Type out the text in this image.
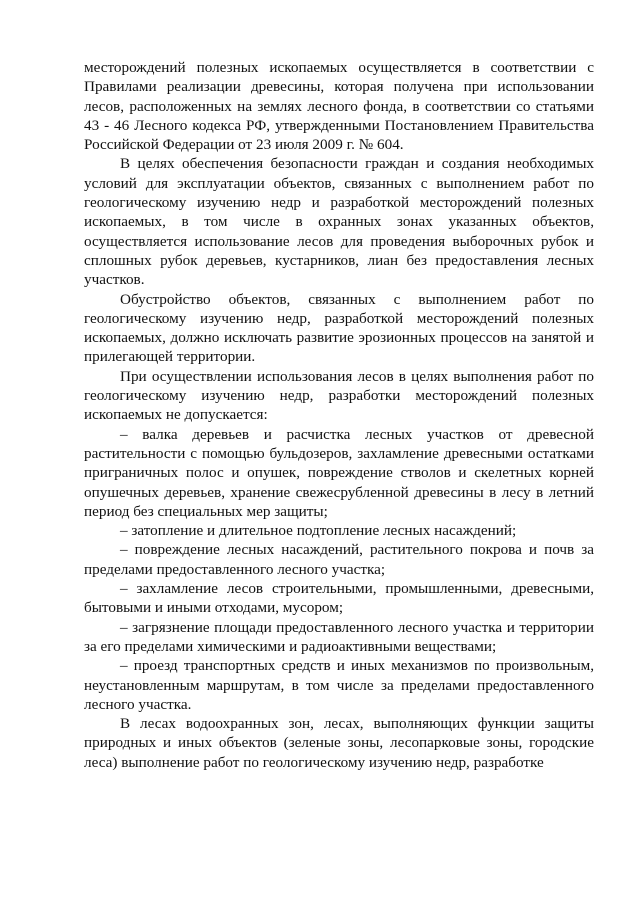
месторождений полезных ископаемых осуществляется в соответствии с Правилами реализации древесины, которая получена при использовании лесов, расположенных на землях лесного фонда, в соответствии со статьями 43 - 46 Лесного кодекса РФ, утвержденными Постановлением Правительства Российской Федерации от 23 июля 2009 г. № 604.

В целях обеспечения безопасности граждан и создания необходимых условий для эксплуатации объектов, связанных с выполнением работ по геологическому изучению недр и разработкой месторождений полезных ископаемых, в том числе в охранных зонах указанных объектов, осуществляется использование лесов для проведения выборочных рубок и сплошных рубок деревьев, кустарников, лиан без предоставления лесных участков.

Обустройство объектов, связанных с выполнением работ по геологическому изучению недр, разработкой месторождений полезных ископаемых, должно исключать развитие эрозионных процессов на занятой и прилегающей территории.

При осуществлении использования лесов в целях выполнения работ по геологическому изучению недр, разработки месторождений полезных ископаемых не допускается:

– валка деревьев и расчистка лесных участков от древесной растительности с помощью бульдозеров, захламление древесными остатками приграничных полос и опушек, повреждение стволов и скелетных корней опушечных деревьев, хранение свежесрубленной древесины в лесу в летний период без специальных мер защиты;

– затопление и длительное подтопление лесных насаждений;

– повреждение лесных насаждений, растительного покрова и почв за пределами предоставленного лесного участка;

– захламление лесов строительными, промышленными, древесными, бытовыми и иными отходами, мусором;

– загрязнение площади предоставленного лесного участка и территории за его пределами химическими и радиоактивными веществами;

– проезд транспортных средств и иных механизмов по произвольным, неустановленным маршрутам, в том числе за пределами предоставленного лесного участка.

В лесах водоохранных зон, лесах, выполняющих функции защиты природных и иных объектов (зеленые зоны, лесопарковые зоны, городские леса) выполнение работ по геологическому изучению недр, разработке
